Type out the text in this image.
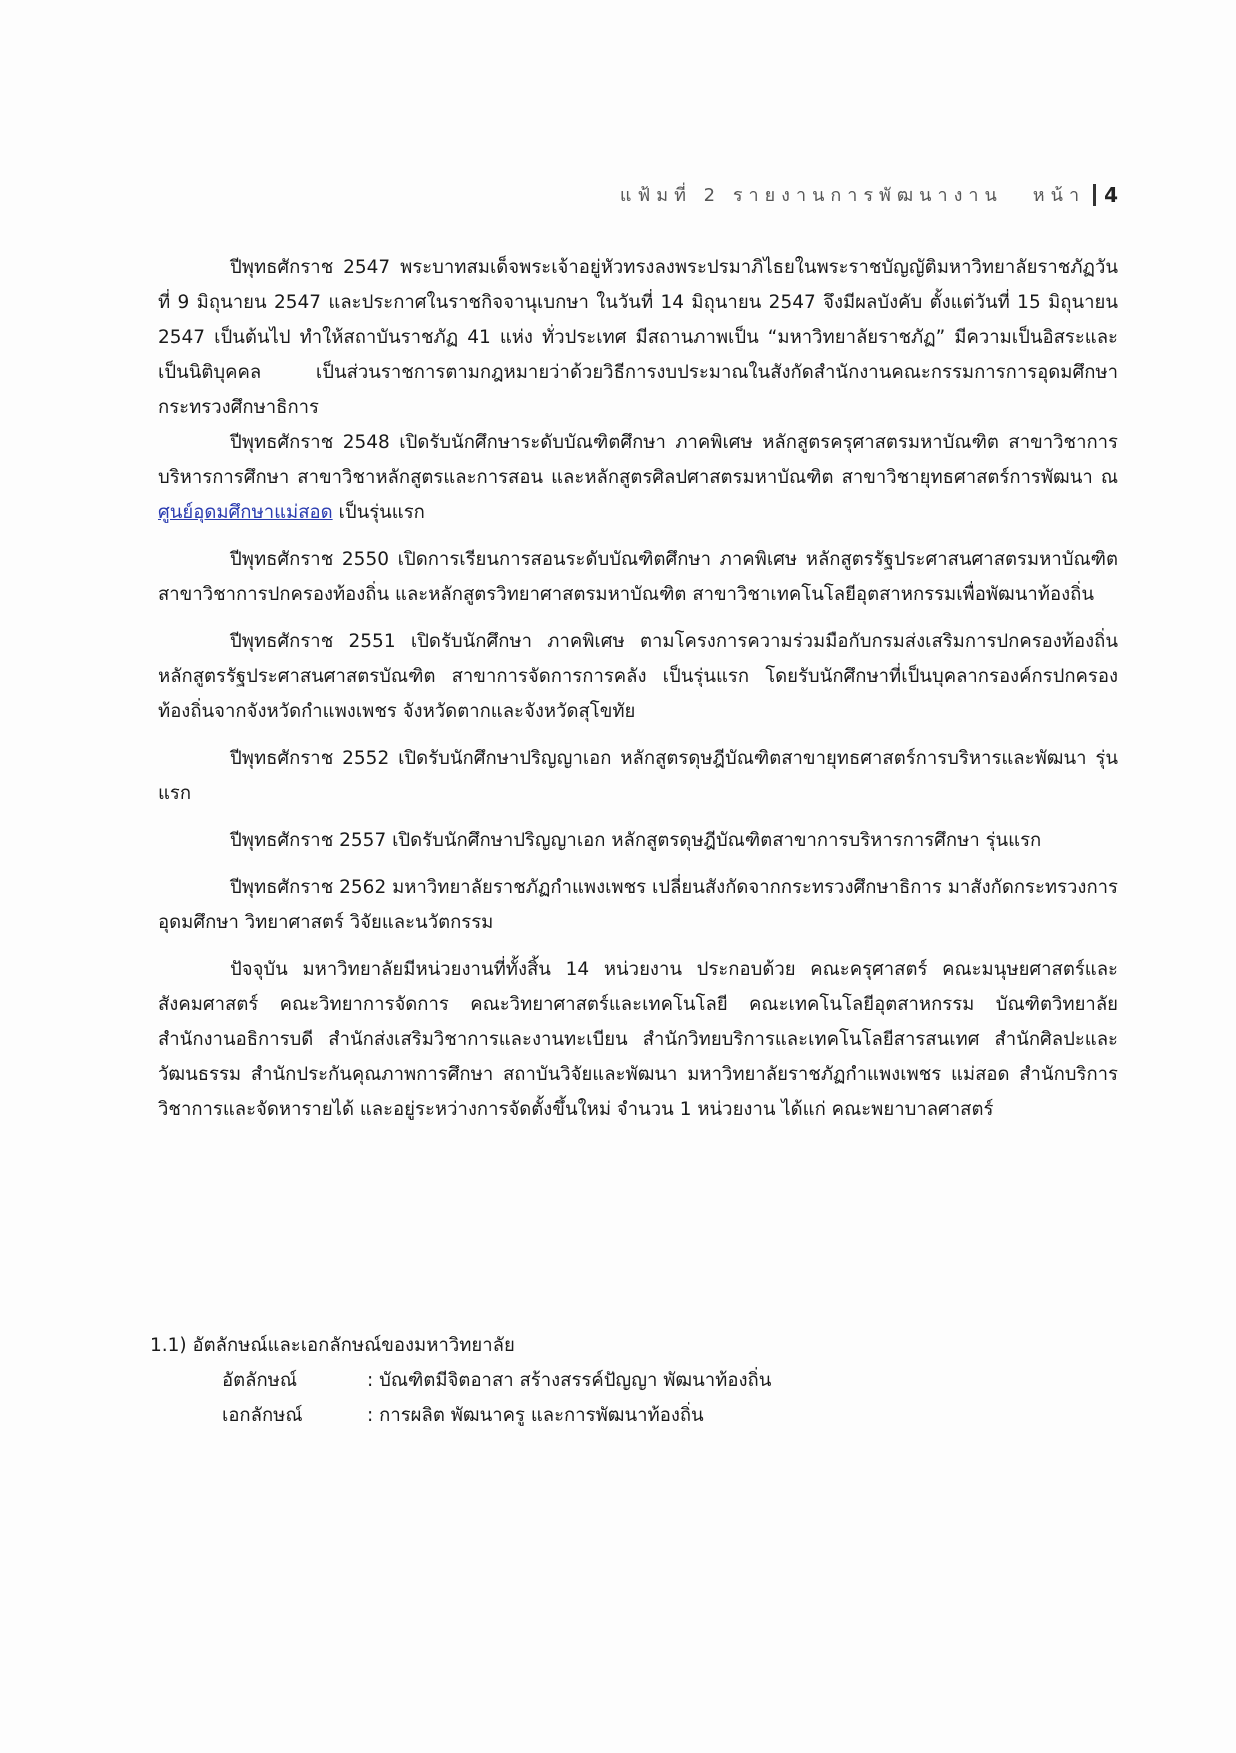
แฟ้มที่ 2 รายงานการพัฒนางาน หน้า 4

ปีพุทธศักราช 2547 พระบาทสมเด็จพระเจ้าอยู่หัวทรงลงพระปรมาภิไธยในพระราชบัญญัติมหาวิทยาลัยราชภัฏวันที่ 9 มิถุนายน 2547 และประกาศในราชกิจจานุเบกษา ในวันที่ 14 มิถุนายน 2547 จึงมีผลบังคับ ตั้งแต่วันที่ 15 มิถุนายน 2547 เป็นต้นไป ทำให้สถาบันราชภัฏ 41 แห่ง ทั่วประเทศ มีสถานภาพเป็น “มหาวิทยาลัยราชภัฏ” มีความเป็นอิสระและเป็นนิติบุคคล เป็นส่วนราชการตามกฎหมายว่าด้วยวิธีการงบประมาณในสังกัดสำนักงานคณะกรรมการการอุดมศึกษา กระทรวงศึกษาธิการ

ปีพุทธศักราช 2548 เปิดรับนักศึกษาระดับบัณฑิตศึกษา ภาคพิเศษ หลักสูตรครุศาสตรมหาบัณฑิต สาขาวิชาการบริหารการศึกษา สาขาวิชาหลักสูตรและการสอน และหลักสูตรศิลปศาสตรมหาบัณฑิต สาขาวิชายุทธศาสตร์การพัฒนา ณ ศูนย์อุดมศึกษาแม่สอด เป็นรุ่นแรก

ปีพุทธศักราช 2550 เปิดการเรียนการสอนระดับบัณฑิตศึกษา ภาคพิเศษ หลักสูตรรัฐประศาสนศาสตรมหาบัณฑิต สาขาวิชาการปกครองท้องถิ่น และหลักสูตรวิทยาศาสตรมหาบัณฑิต สาขาวิชาเทคโนโลยีอุตสาหกรรมเพื่อพัฒนาท้องถิ่น

ปีพุทธศักราช 2551 เปิดรับนักศึกษา ภาคพิเศษ ตามโครงการความร่วมมือกับกรมส่งเสริมการปกครองท้องถิ่น หลักสูตรรัฐประศาสนศาสตรบัณฑิต สาขาการจัดการการคลัง เป็นรุ่นแรก โดยรับนักศึกษาที่เป็นบุคลากรองค์กรปกครองท้องถิ่นจากจังหวัดกำแพงเพชร จังหวัดตากและจังหวัดสุโขทัย

ปีพุทธศักราช 2552 เปิดรับนักศึกษาปริญญาเอก หลักสูตรดุษฎีบัณฑิตสาขายุทธศาสตร์การบริหารและพัฒนา รุ่นแรก

ปีพุทธศักราช 2557 เปิดรับนักศึกษาปริญญาเอก หลักสูตรดุษฎีบัณฑิตสาขาการบริหารการศึกษา รุ่นแรก

ปีพุทธศักราช 2562 มหาวิทยาลัยราชภัฏกำแพงเพชร เปลี่ยนสังกัดจากกระทรวงศึกษาธิการ มาสังกัดกระทรวงการอุดมศึกษา วิทยาศาสตร์ วิจัยและนวัตกรรม

ปัจจุบัน มหาวิทยาลัยมีหน่วยงานที่ทั้งสิ้น 14 หน่วยงาน ประกอบด้วย คณะครุศาสตร์ คณะมนุษยศาสตร์และสังคมศาสตร์ คณะวิทยาการจัดการ คณะวิทยาศาสตร์และเทคโนโลยี คณะเทคโนโลยีอุตสาหกรรม บัณฑิตวิทยาลัย สำนักงานอธิการบดี สำนักส่งเสริมวิชาการและงานทะเบียน สำนักวิทยบริการและเทคโนโลยีสารสนเทศ สำนักศิลปะและวัฒนธรรม สำนักประกันคุณภาพการศึกษา สถาบันวิจัยและพัฒนา มหาวิทยาลัยราชภัฏกำแพงเพชร แม่สอด สำนักบริการวิชาการและจัดหารายได้ และอยู่ระหว่างการจัดตั้งขึ้นใหม่ จำนวน 1 หน่วยงาน ได้แก่ คณะพยาบาลศาสตร์

1.1) อัตลักษณ์และเอกลักษณ์ของมหาวิทยาลัย
อัตลักษณ์	: บัณฑิตมีจิตอาสา สร้างสรรค์ปัญญา พัฒนาท้องถิ่น
เอกลักษณ์	: การผลิต พัฒนาครู และการพัฒนาท้องถิ่น
